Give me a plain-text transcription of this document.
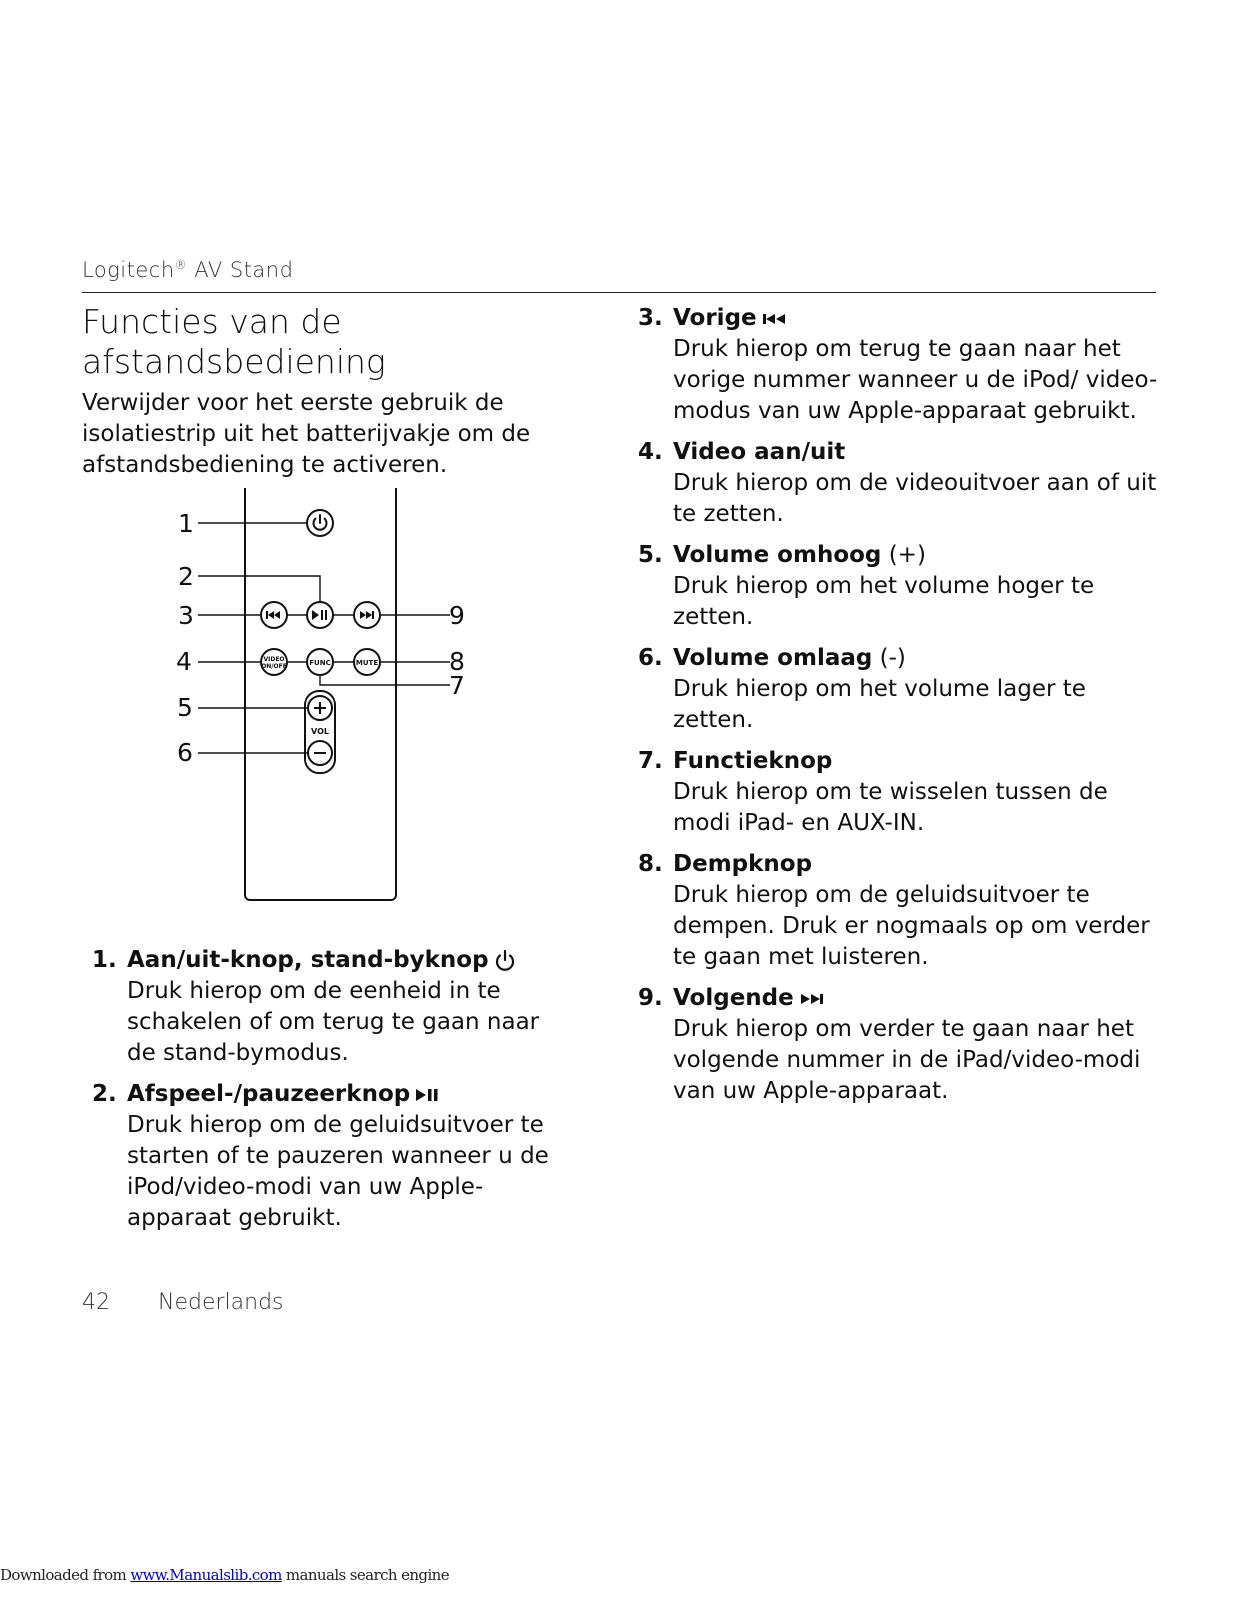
Logitech® AV Stand
Functies van de afstandsbediening
Verwijder voor het eerste gebruik de isolatiestrip uit het batterijvakje om de afstandsbediening te activeren.
VIDEO
ON/OFF	FUNC	MUTE
VOL
1
2
3
4
5
6
7
8
9
1. Aan/uit-knop, stand-byknop
Druk hierop om de eenheid in te schakelen of om terug te gaan naar de stand-bymodus.
2. Afspeel-/pauzeerknop
Druk hierop om de geluidsuitvoer te starten of te pauzeren wanneer u de iPod/video-modi van uw Apple-apparaat gebruikt.
3. Vorige
Druk hierop om terug te gaan naar het vorige nummer wanneer u de iPod/ video-modus van uw Apple-apparaat gebruikt.
4. Video aan/uit
Druk hierop om de videouitvoer aan of uit te zetten.
5. Volume omhoog (+)
Druk hierop om het volume hoger te zetten.
6. Volume omlaag (-)
Druk hierop om het volume lager te zetten.
7. Functieknop
Druk hierop om te wisselen tussen de modi iPad- en AUX-IN.
8. Dempknop
Druk hierop om de geluidsuitvoer te dempen. Druk er nogmaals op om verder te gaan met luisteren.
9. Volgende
Druk hierop om verder te gaan naar het volgende nummer in de iPad/video-modi van uw Apple-apparaat.
42 Nederlands
Downloaded from www.Manualslib.com manuals search engine
